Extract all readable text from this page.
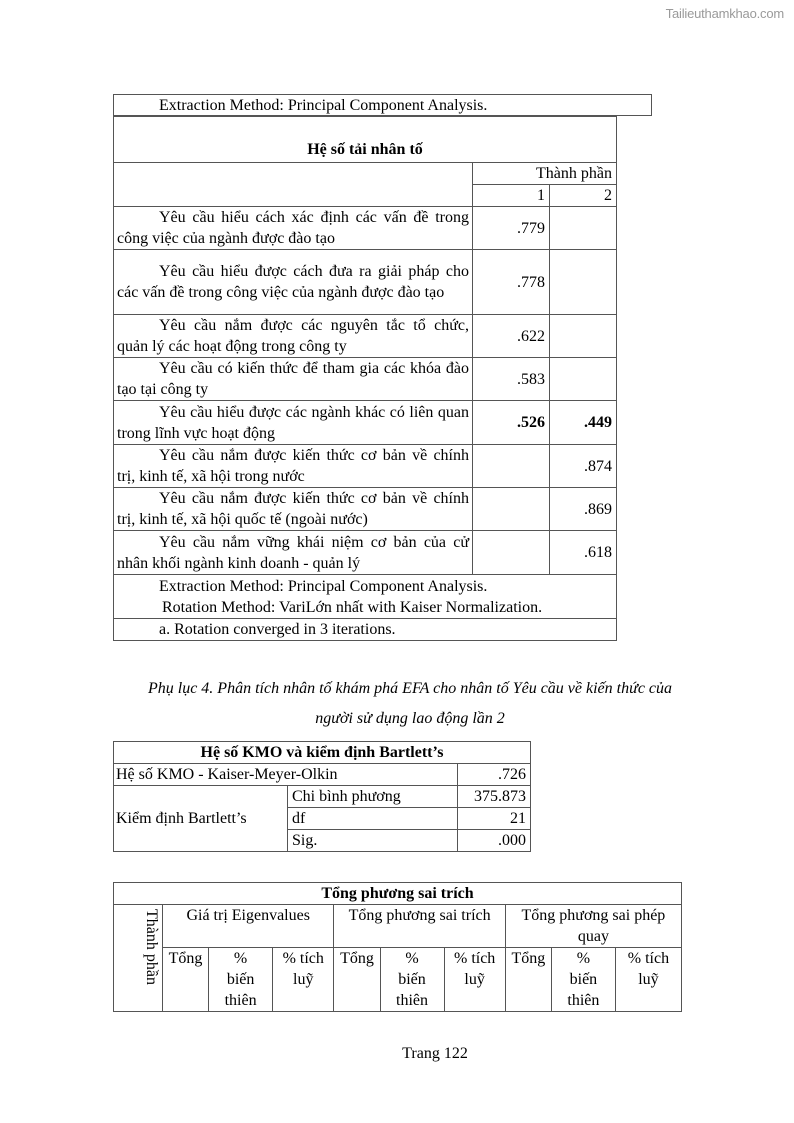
Tailieuthamkhao.com
Extraction Method: Principal Component Analysis.
Hệ số tải nhân tố		
	Thành phần	
	1	2
Yêu cầu hiểu cách xác định các vấn đề trong công việc của ngành được đào tạo	.779	
Yêu cầu hiểu được cách đưa ra giải pháp cho các vấn đề trong công việc của ngành được đào tạo	.778	
Yêu cầu nắm được các nguyên tắc tổ chức, quản lý các hoạt động trong công ty	.622	
Yêu cầu có kiến thức để tham gia các khóa đào tạo tại công ty	.583	
Yêu cầu hiểu được các ngành khác có liên quan trong lĩnh vực hoạt động	.526	.449
Yêu cầu nắm được kiến thức cơ bản về chính trị, kinh tế, xã hội trong nước		.874
Yêu cầu nắm được kiến thức cơ bản về chính trị, kinh tế, xã hội quốc tế (ngoài nước)		.869
Yêu cầu nắm vững khái niệm cơ bản của cử nhân khối ngành kinh doanh - quản lý		.618

Extraction Method: Principal Component Analysis.
Rotation Method: VariLớn nhất with Kaiser Normalization.		

a. Rotation converged in 3 iterations.		
Phụ lục 4. Phân tích nhân tố khám phá EFA cho nhân tố Yêu cầu về kiến thức của
người sử dụng lao động lần 2
Hệ số KMO và kiểm định Bartlett’s		
Hệ số KMO - Kaiser-Meyer-Olkin		.726
Kiểm định Bartlett’s	Chi bình phương	375.873
	df	21
	Sig.	.000
Tổng phương sai trích									
Thành phần	Giá trị Eigenvalues			Tổng phương sai trích			Tổng phương sai phép quay		
	Tổng	% biến thiên	% tích luỹ	Tổng	% biến thiên	% tích luỹ	Tổng	% biến thiên	% tích luỹ
Trang 122
